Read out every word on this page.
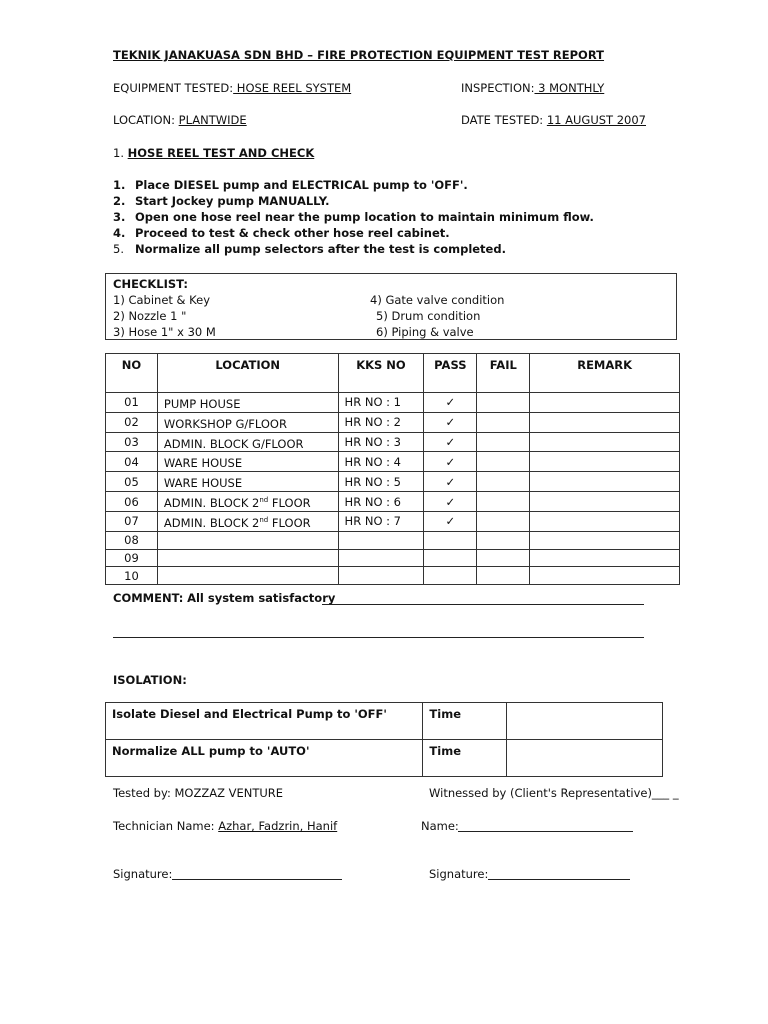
TEKNIK JANAKUASA SDN BHD – FIRE PROTECTION EQUIPMENT TEST REPORT
EQUIPMENT TESTED: HOSE REEL SYSTEM	INSPECTION: 3 MONTHLY
LOCATION: PLANTWIDE	DATE TESTED: 11 AUGUST 2007
1. HOSE REEL TEST AND CHECK
1. Place DIESEL pump and ELECTRICAL pump to 'OFF'.
2. Start Jockey pump MANUALLY.
3. Open one hose reel near the pump location to maintain minimum flow.
4. Proceed to test & check other hose reel cabinet.
5. Normalize all pump selectors after the test is completed.
CHECKLIST:
1) Cabinet & Key
2) Nozzle 1 "
3) Hose 1" x 30 M
4) Gate valve condition
5) Drum condition
6) Piping & valve
NO	LOCATION	KKS NO	PASS	FAIL	REMARK
01	PUMP HOUSE	HR NO : 1	✓		
02	WORKSHOP G/FLOOR	HR NO : 2	✓		
03	ADMIN. BLOCK G/FLOOR	HR NO : 3	✓		
04	WARE HOUSE	HR NO : 4	✓		
05	WARE HOUSE	HR NO : 5	✓		
06	ADMIN. BLOCK 2nd FLOOR	HR NO : 6	✓		
07	ADMIN. BLOCK 2nd FLOOR	HR NO : 7	✓		
08					
09					
10					
COMMENT: All system satisfactory
ISOLATION:
Isolate Diesel and Electrical Pump to 'OFF'	Time	
Normalize ALL pump to 'AUTO'	Time	
Tested by: MOZZAZ VENTURE	Witnessed by (Client's Representative)___ _
Technician Name: Azhar, Fadzrin, Hanif	Name:
Signature:	Signature:
